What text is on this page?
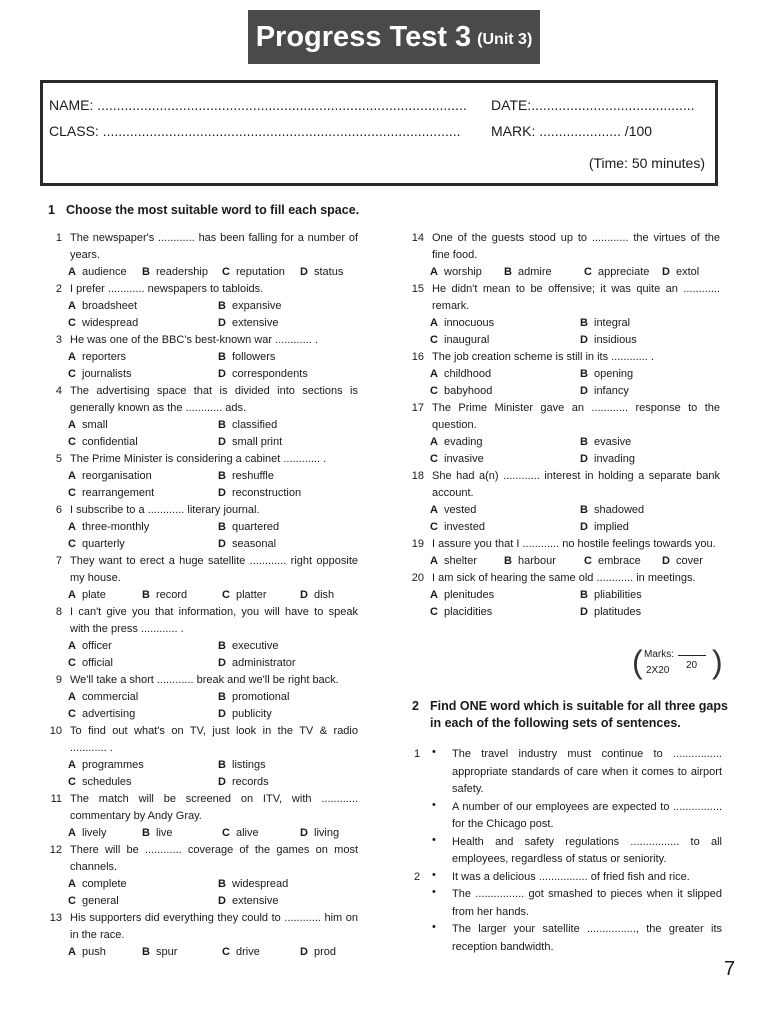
Progress Test 3 (Unit 3)
NAME: ............................................................................................... DATE:..........................................
CLASS: ............................................................................................	MARK: ..................... /100
(Time: 50 minutes)
1 Choose the most suitable word to fill each space.
1 The newspaper's ............ has been falling for a number of
years.
A audience B readership C reputation D status
2 I prefer ............ newspapers to tabloids.
A broadsheet	B expansive
C widespread	D extensive
3 He was one of the BBC's best-known war ............ .
A reporters	B followers
C journalists	D correspondents
4 The advertising space that is divided into sections is
generally known as the ............ ads.
A small	B classified
C confidential	D small print
5 The Prime Minister is considering a cabinet ............ .
A reorganisation	B reshuffle
C rearrangement	D reconstruction
6 I subscribe to a ............ literary journal.
A three-monthly	B quartered
C quarterly	D seasonal
7 They want to erect a huge satellite ............ right opposite
my house.
A plate	B record	C platter	D dish
8 I can't give you that information, you will have to speak
with the press ............ .
A officer	B executive
C official	D administrator
9 We'll take a short ............ break and we'll be right back.
A commercial	B promotional
C advertising	D publicity
10 To find out what's on TV, just look in the TV & radio
............ .
A programmes	B listings
C schedules	D records
11 The match will be screened on ITV, with ............
commentary by Andy Gray.
A lively	B live	C alive	D living
12 There will be ............ coverage of the games on most
channels.
A complete	B widespread
C general	D extensive
13 His supporters did everything they could to ............ him on
in the race.
A push	B spur	C drive	D prod
14 One of the guests stood up to ............ the virtues of the
fine food.
A worship B admire	C appreciate D extol
15 He didn't mean to be offensive; it was quite an ............
remark.
A innocuous	B integral
C inaugural	D insidious
16 The job creation scheme is still in its ............ .
A childhood	B opening
C babyhood	D infancy
17 The Prime Minister gave an ............ response to the
question.
A evading	B evasive
C invasive	D invading
18 She had a(n) ............ interest in holding a separate bank
account.
A vested	B shadowed
C invested	D implied
19 I assure you that I ............ no hostile feelings towards you.
A shelter B harbour	C embrace D cover
20 I am sick of hearing the same old ............ in meetings.
A plenitudes	B pliabilities
C placidities	D platitudes
( )
Marks:
2X20 20
2 Find ONE word which is suitable for all three gaps
in each of the following sets of sentences.
1 • The travel industry must continue to ................
appropriate standards of care when it comes to airport
safety.
• A number of our employees are expected to ................
for the Chicago post.
• Health and safety regulations ................ to all
employees, regardless of status or seniority.
2 • It was a delicious ................ of fried fish and rice.
• The ................ got smashed to pieces when it slipped
from her hands.
• The larger your satellite ................, the greater its
reception bandwidth.
7
